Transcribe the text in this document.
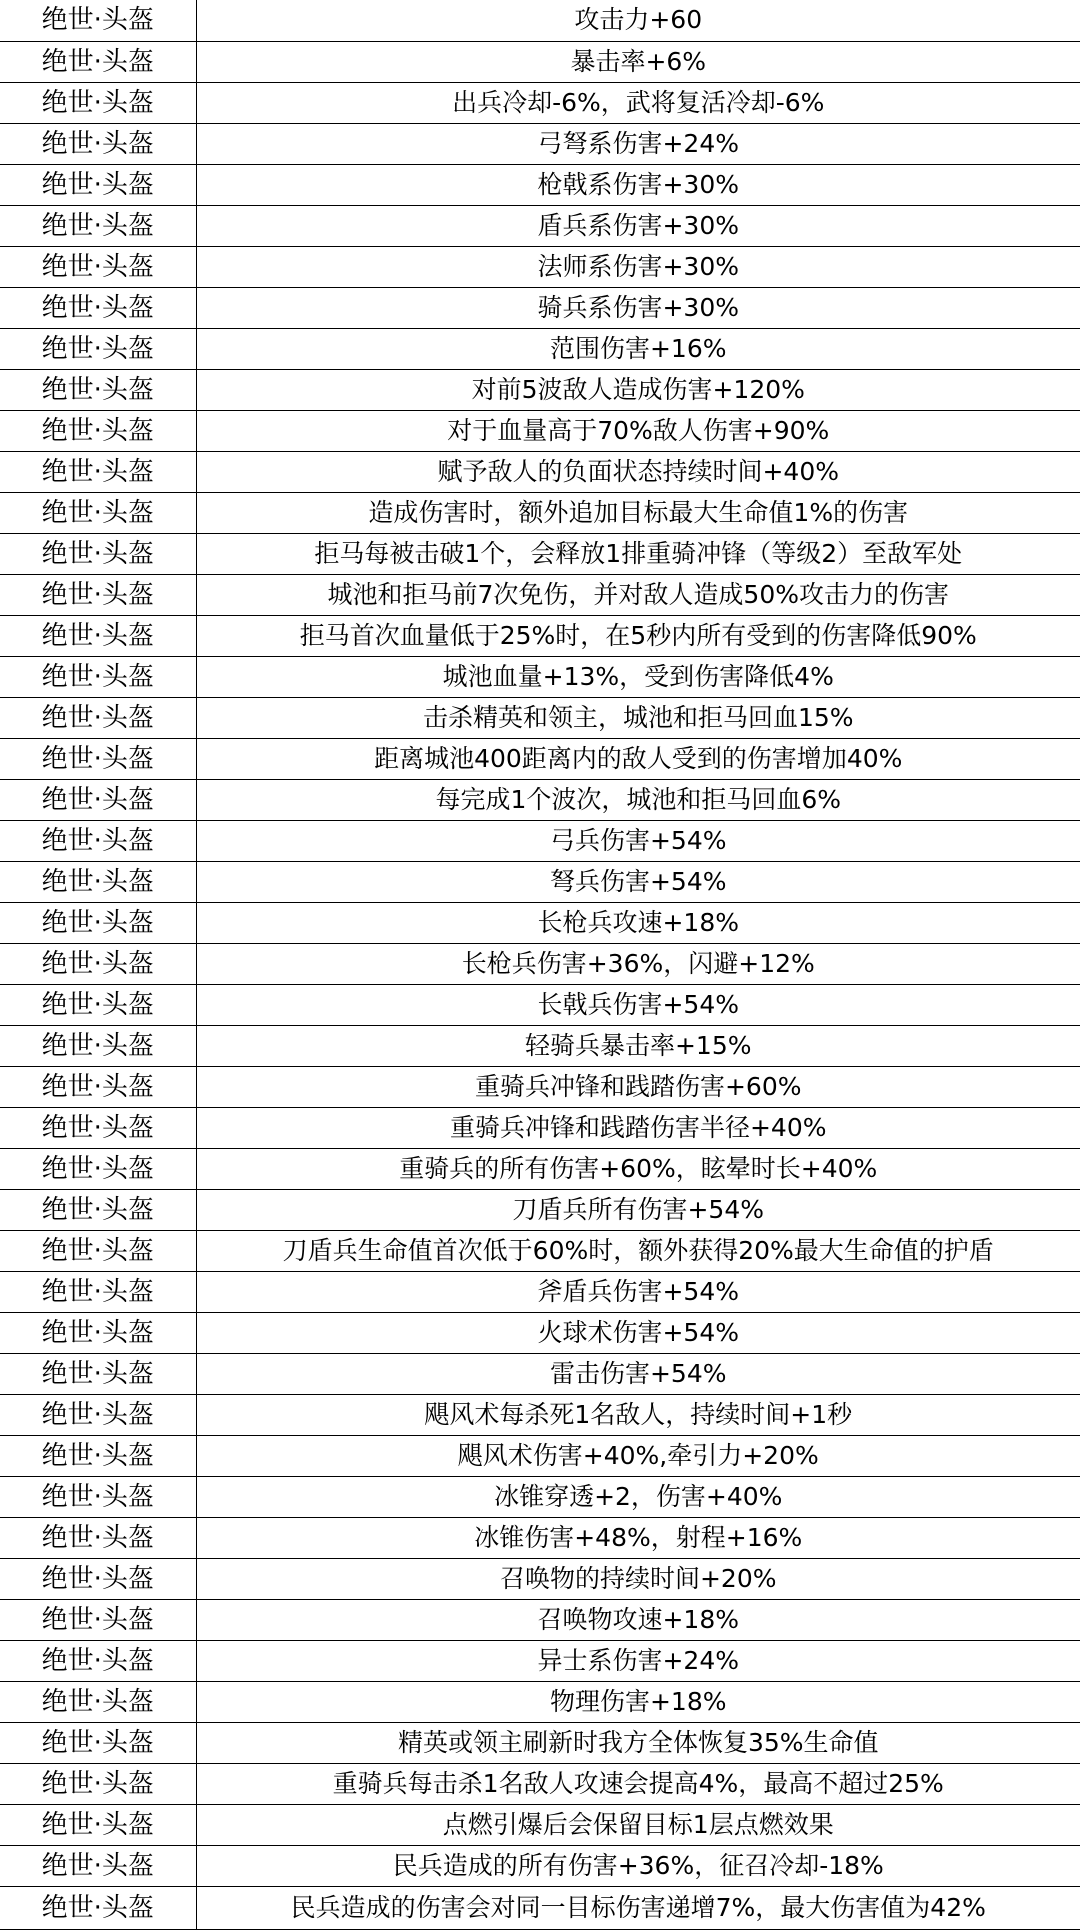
绝世·头盔	攻击力+60
绝世·头盔	暴击率+6%
绝世·头盔	出兵冷却-6%，武将复活冷却-6%
绝世·头盔	弓弩系伤害+24%
绝世·头盔	枪戟系伤害+30%
绝世·头盔	盾兵系伤害+30%
绝世·头盔	法师系伤害+30%
绝世·头盔	骑兵系伤害+30%
绝世·头盔	范围伤害+16%
绝世·头盔	对前5波敌人造成伤害+120%
绝世·头盔	对于血量高于70%敌人伤害+90%
绝世·头盔	赋予敌人的负面状态持续时间+40%
绝世·头盔	造成伤害时，额外追加目标最大生命值1%的伤害
绝世·头盔	拒马每被击破1个，会释放1排重骑冲锋（等级2）至敌军处
绝世·头盔	城池和拒马前7次免伤，并对敌人造成50%攻击力的伤害
绝世·头盔	拒马首次血量低于25%时，在5秒内所有受到的伤害降低90%
绝世·头盔	城池血量+13%，受到伤害降低4%
绝世·头盔	击杀精英和领主，城池和拒马回血15%
绝世·头盔	距离城池400距离内的敌人受到的伤害增加40%
绝世·头盔	每完成1个波次，城池和拒马回血6%
绝世·头盔	弓兵伤害+54%
绝世·头盔	弩兵伤害+54%
绝世·头盔	长枪兵攻速+18%
绝世·头盔	长枪兵伤害+36%，闪避+12%
绝世·头盔	长戟兵伤害+54%
绝世·头盔	轻骑兵暴击率+15%
绝世·头盔	重骑兵冲锋和践踏伤害+60%
绝世·头盔	重骑兵冲锋和践踏伤害半径+40%
绝世·头盔	重骑兵的所有伤害+60%，眩晕时长+40%
绝世·头盔	刀盾兵所有伤害+54%
绝世·头盔	刀盾兵生命值首次低于60%时，额外获得20%最大生命值的护盾
绝世·头盔	斧盾兵伤害+54%
绝世·头盔	火球术伤害+54%
绝世·头盔	雷击伤害+54%
绝世·头盔	飓风术每杀死1名敌人，持续时间+1秒
绝世·头盔	飓风术伤害+40%,牵引力+20%
绝世·头盔	冰锥穿透+2，伤害+40%
绝世·头盔	冰锥伤害+48%，射程+16%
绝世·头盔	召唤物的持续时间+20%
绝世·头盔	召唤物攻速+18%
绝世·头盔	异士系伤害+24%
绝世·头盔	物理伤害+18%
绝世·头盔	精英或领主刷新时我方全体恢复35%生命值
绝世·头盔	重骑兵每击杀1名敌人攻速会提高4%，最高不超过25%
绝世·头盔	点燃引爆后会保留目标1层点燃效果
绝世·头盔	民兵造成的所有伤害+36%，征召冷却-18%
绝世·头盔	民兵造成的伤害会对同一目标伤害递增7%，最大伤害值为42%
